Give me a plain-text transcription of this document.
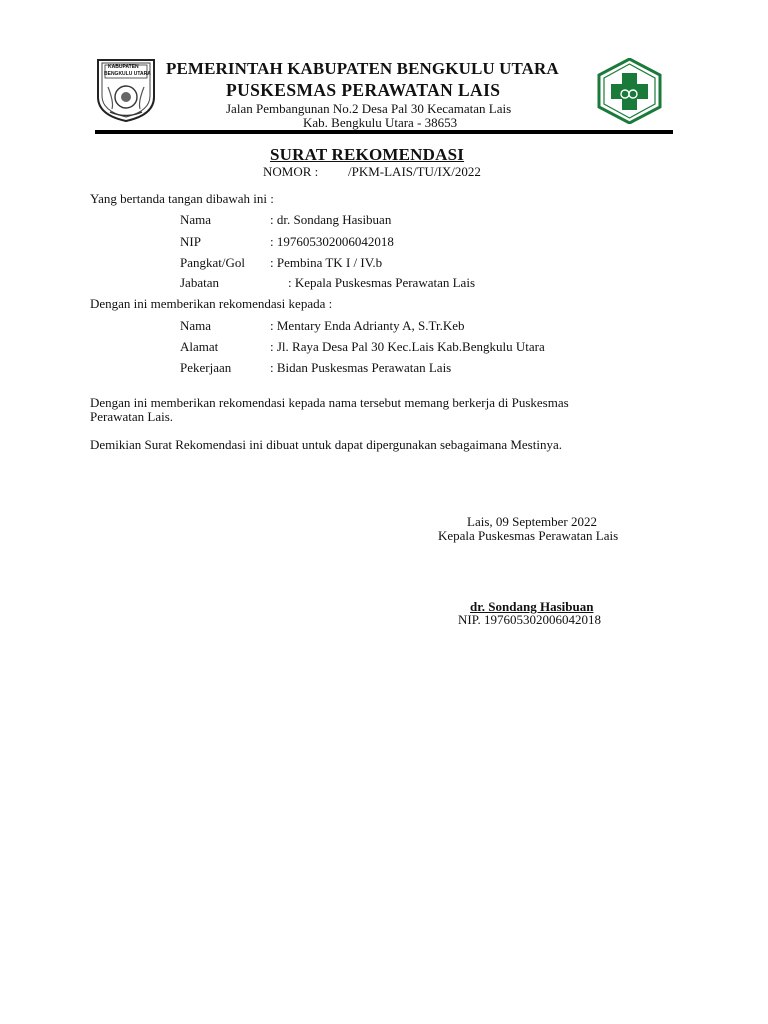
KABUPATEN
BENGKULU UTARA PEMERINTAH KABUPATEN BENGKULU UTARA
PUSKESMAS PERAWATAN LAIS
Jalan Pembangunan No.2 Desa Pal 30 Kecamatan Lais
Kab. Bengkulu Utara - 38653
SURAT REKOMENDASI
NOMOR : /PKM-LAIS/TU/IX/2022
Yang bertanda tangan dibawah ini :
Nama	: dr. Sondang Hasibuan
NIP	: 197605302006042018
Pangkat/Gol : Pembina TK I / IV.b
Jabatan	: Kepala Puskesmas Perawatan Lais
Dengan ini memberikan rekomendasi kepada :
Nama	: Mentary Enda Adrianty A, S.Tr.Keb
Alamat	: Jl. Raya Desa Pal 30 Kec.Lais Kab.Bengkulu Utara
Pekerjaan	: Bidan Puskesmas Perawatan Lais
Dengan ini memberikan rekomendasi kepada nama tersebut memang berkerja di Puskesmas
Perawatan Lais.
Demikian Surat Rekomendasi ini dibuat untuk dapat dipergunakan sebagaimana Mestinya.
Lais, 09 September 2022
Kepala Puskesmas Perawatan Lais
dr. Sondang Hasibuan
NIP. 197605302006042018
